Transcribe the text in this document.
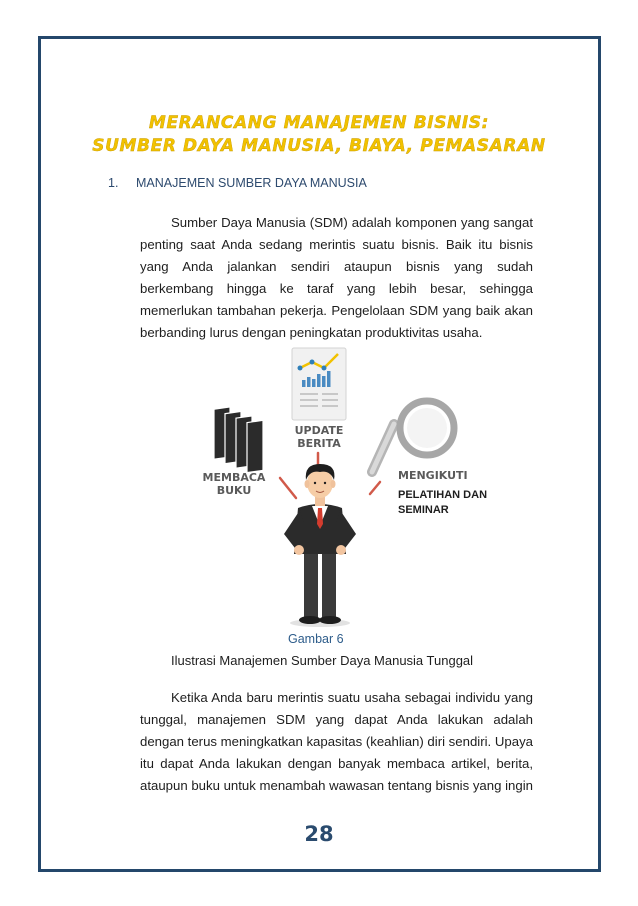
MERANCANG MANAJEMEN BISNIS:
SUMBER DAYA MANUSIA, BIAYA, PEMASARAN
1. MANAJEMEN SUMBER DAYA MANUSIA

Sumber Daya Manusia (SDM) adalah komponen yang sangat penting saat Anda sedang merintis suatu bisnis. Baik itu bisnis yang Anda jalankan sendiri ataupun bisnis yang sudah berkembang hingga ke taraf yang lebih besar, sehingga memerlukan tambahan pekerja. Pengelolaan SDM yang baik akan berbanding lurus dengan peningkatan produktivitas usaha.

UPDATE
BERITA
MEMBACA
BUKU
MENGIKUTI
PELATIHAN DAN
SEMINAR
Gambar 6
Ilustrasi Manajemen Sumber Daya Manusia Tunggal

Ketika Anda baru merintis suatu usaha sebagai individu yang tunggal, manajemen SDM yang dapat Anda lakukan adalah dengan terus meningkatkan kapasitas (keahlian) diri sendiri. Upaya itu dapat Anda lakukan dengan banyak membaca artikel, berita, ataupun buku untuk menambah wawasan tentang bisnis yang ingin

28
